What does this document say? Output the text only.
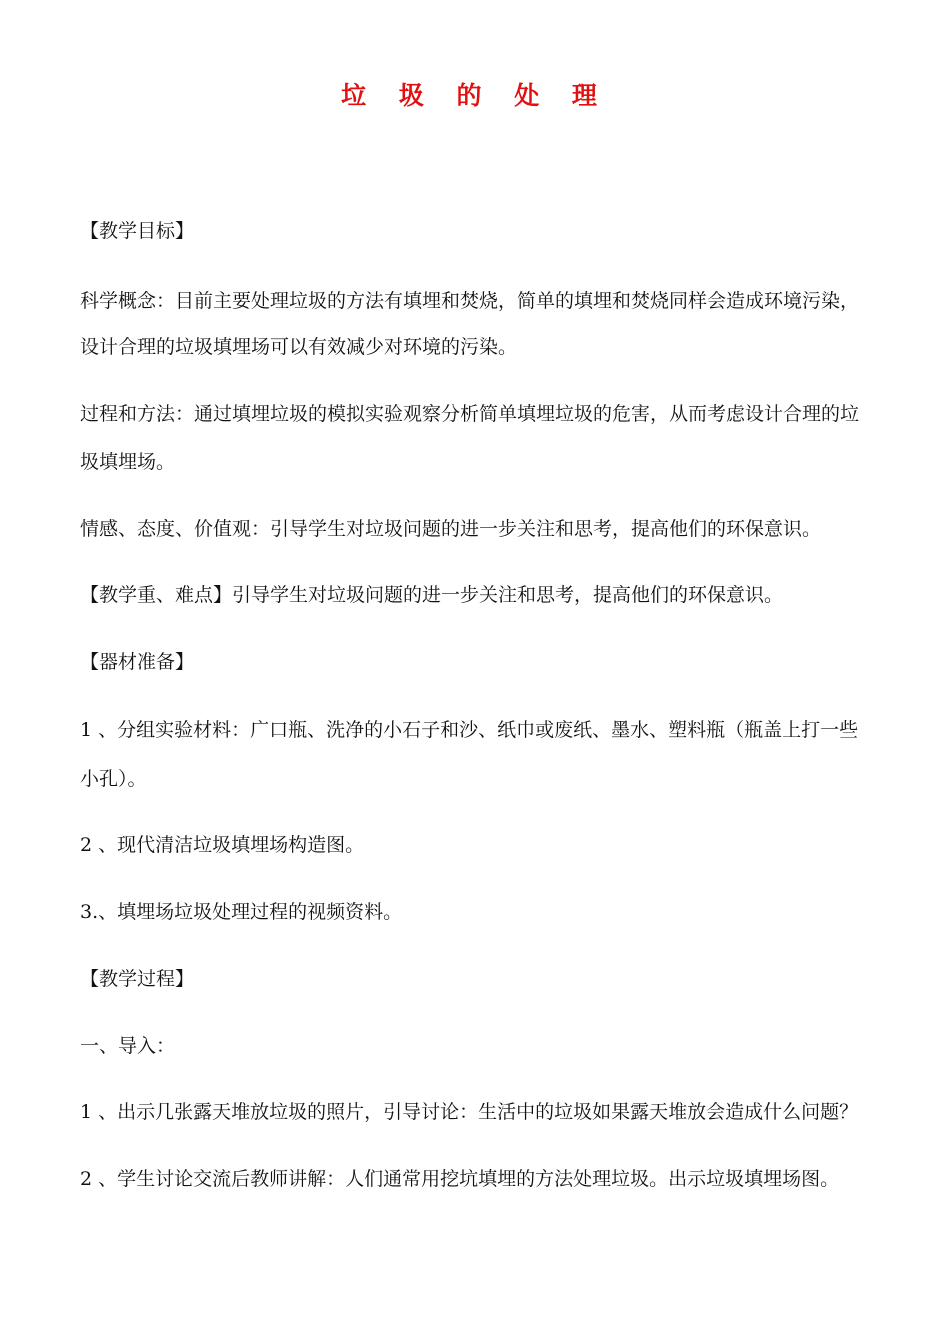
垃 圾 的 处 理
【教学目标】
科学概念：目前主要处理垃圾的方法有填埋和焚烧，简单的填埋和焚烧同样会造成环境污染，
设计合理的垃圾填埋场可以有效减少对环境的污染。
过程和方法：通过填埋垃圾的模拟实验观察分析简单填埋垃圾的危害，从而考虑设计合理的垃
圾填埋场。
情感、态度、价值观：引导学生对垃圾问题的进一步关注和思考，提高他们的环保意识。
【教学重、难点】引导学生对垃圾问题的进一步关注和思考，提高他们的环保意识。
【器材准备】
1 、分组实验材料：广口瓶、洗净的小石子和沙、纸巾或废纸、墨水、塑料瓶（瓶盖上打一些
小孔）。
2 、现代清洁垃圾填埋场构造图。
3.、填埋场垃圾处理过程的视频资料。
【教学过程】
一、导入：
1 、出示几张露天堆放垃圾的照片，引导讨论：生活中的垃圾如果露天堆放会造成什么问题？
2 、学生讨论交流后教师讲解：人们通常用挖坑填埋的方法处理垃圾。出示垃圾填埋场图。
